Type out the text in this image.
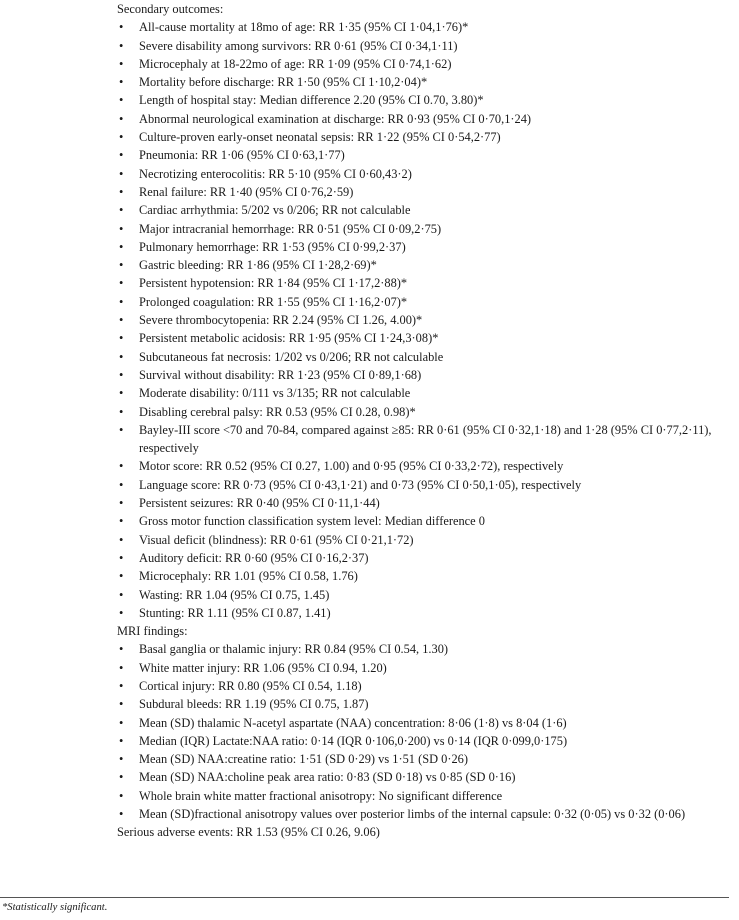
Secondary outcomes:
• All-cause mortality at 18mo of age: RR 1·35 (95% CI 1·04,1·76)*
• Severe disability among survivors: RR 0·61 (95% CI 0·34,1·11)
• Microcephaly at 18-22mo of age: RR 1·09 (95% CI 0·74,1·62)
• Mortality before discharge: RR 1·50 (95% CI 1·10,2·04)*
• Length of hospital stay: Median difference 2.20 (95% CI 0.70, 3.80)*
• Abnormal neurological examination at discharge: RR 0·93 (95% CI 0·70,1·24)
• Culture-proven early-onset neonatal sepsis: RR 1·22 (95% CI 0·54,2·77)
• Pneumonia: RR 1·06 (95% CI 0·63,1·77)
• Necrotizing enterocolitis: RR 5·10 (95% CI 0·60,43·2)
• Renal failure: RR 1·40 (95% CI 0·76,2·59)
• Cardiac arrhythmia: 5/202 vs 0/206; RR not calculable
• Major intracranial hemorrhage: RR 0·51 (95% CI 0·09,2·75)
• Pulmonary hemorrhage: RR 1·53 (95% CI 0·99,2·37)
• Gastric bleeding: RR 1·86 (95% CI 1·28,2·69)*
• Persistent hypotension: RR 1·84 (95% CI 1·17,2·88)*
• Prolonged coagulation: RR 1·55 (95% CI 1·16,2·07)*
• Severe thrombocytopenia: RR 2.24 (95% CI 1.26, 4.00)*
• Persistent metabolic acidosis: RR 1·95 (95% CI 1·24,3·08)*
• Subcutaneous fat necrosis: 1/202 vs 0/206; RR not calculable
• Survival without disability: RR 1·23 (95% CI 0·89,1·68)
• Moderate disability: 0/111 vs 3/135; RR not calculable
• Disabling cerebral palsy: RR 0.53 (95% CI 0.28, 0.98)*
• Bayley-III score <70 and 70-84, compared against ≥85: RR 0·61 (95% CI 0·32,1·18) and 1·28 (95% CI 0·77,2·11), respectively
• Motor score: RR 0.52 (95% CI 0.27, 1.00) and 0·95 (95% CI 0·33,2·72), respectively
• Language score: RR 0·73 (95% CI 0·43,1·21) and 0·73 (95% CI 0·50,1·05), respectively
• Persistent seizures: RR 0·40 (95% CI 0·11,1·44)
• Gross motor function classification system level: Median difference 0
• Visual deficit (blindness): RR 0·61 (95% CI 0·21,1·72)
• Auditory deficit: RR 0·60 (95% CI 0·16,2·37)
• Microcephaly: RR 1.01 (95% CI 0.58, 1.76)
• Wasting: RR 1.04 (95% CI 0.75, 1.45)
• Stunting: RR 1.11 (95% CI 0.87, 1.41)
MRI findings:
• Basal ganglia or thalamic injury: RR 0.84 (95% CI 0.54, 1.30)
• White matter injury: RR 1.06 (95% CI 0.94, 1.20)
• Cortical injury: RR 0.80 (95% CI 0.54, 1.18)
• Subdural bleeds: RR 1.19 (95% CI 0.75, 1.87)
• Mean (SD) thalamic N-acetyl aspartate (NAA) concentration: 8·06 (1·8) vs 8·04 (1·6)
• Median (IQR) Lactate:NAA ratio: 0·14 (IQR 0·106,0·200) vs 0·14 (IQR 0·099,0·175)
• Mean (SD) NAA:creatine ratio: 1·51 (SD 0·29) vs 1·51 (SD 0·26)
• Mean (SD) NAA:choline peak area ratio: 0·83 (SD 0·18) vs 0·85 (SD 0·16)
• Whole brain white matter fractional anisotropy: No significant difference
• Mean (SD)fractional anisotropy values over posterior limbs of the internal capsule: 0·32 (0·05) vs 0·32 (0·06)
Serious adverse events: RR 1.53 (95% CI 0.26, 9.06)
*Statistically significant.
